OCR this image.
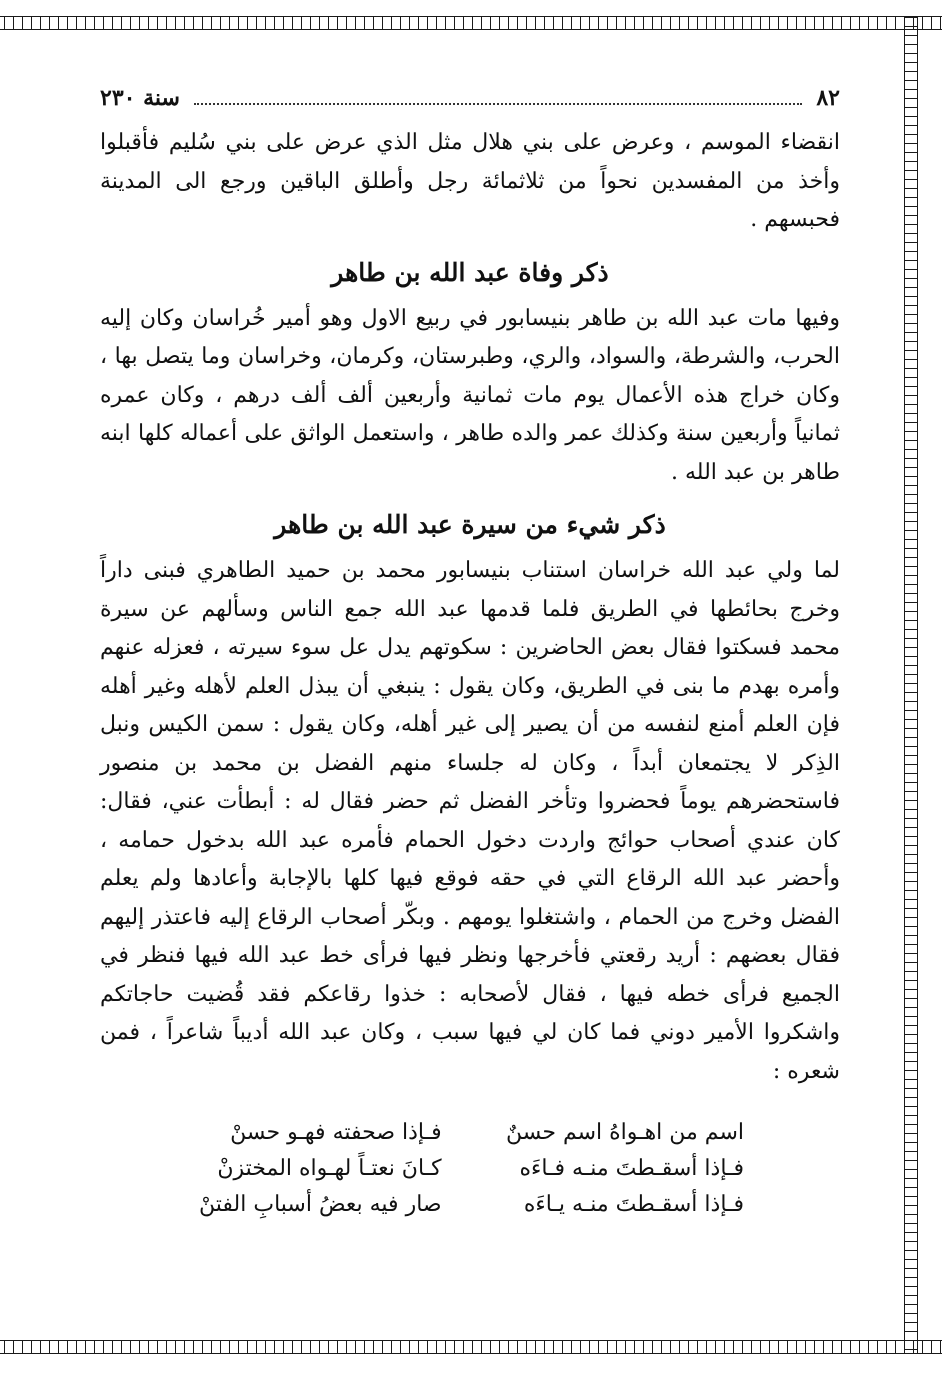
٨٢
سنة ٢٣٠

انقضاء الموسم ، وعرض على بني هلال مثل الذي عرض على بني سُليم فأقبلوا وأخذ من المفسدين نحواً من ثلاثمائة رجل وأطلق الباقين ورجع الى المدينة فحبسهم .

ذكر وفاة عبد الله بن طاهر

وفيها مات عبد الله بن طاهر بنيسابور في ربيع الاول وهو أمير خُراسان وكان إليه الحرب، والشرطة، والسواد، والري، وطبرستان، وكرمان، وخراسان وما يتصل بها ، وكان خراج هذه الأعمال يوم مات ثمانية وأربعين ألف ألف درهم ، وكان عمره ثمانياً وأربعين سنة وكذلك عمر والده طاهر ، واستعمل الواثق على أعماله كلها ابنه طاهر بن عبد الله .

ذكر شيء من سيرة عبد الله بن طاهر

لما ولي عبد الله خراسان استناب بنيسابور محمد بن حميد الطاهري فبنى داراً وخرج بحائطها في الطريق فلما قدمها عبد الله جمع الناس وسألهم عن سيرة محمد فسكتوا فقال بعض الحاضرين : سكوتهم يدل عل سوء سيرته ، فعزله عنهم وأمره بهدم ما بنى في الطريق، وكان يقول : ينبغي أن يبذل العلم لأهله وغير أهله فإن العلم أمنع لنفسه من أن يصير إلى غير أهله، وكان يقول : سمن الكيس ونبل الذِكر لا يجتمعان أبداً ، وكان له جلساء منهم الفضل بن محمد بن منصور فاستحضرهم يوماً فحضروا وتأخر الفضل ثم حضر فقال له : أبطأت عني، فقال: كان عندي أصحاب حوائج واردت دخول الحمام فأمره عبد الله بدخول حمامه ، وأحضر عبد الله الرقاع التي في حقه فوقع فيها كلها بالإجابة وأعادها ولم يعلم الفضل وخرج من الحمام ، واشتغلوا يومهم . وبكّر أصحاب الرقاع إليه فاعتذر إليهم فقال بعضهم : أريد رقعتي فأخرجها ونظر فيها فرأى خط عبد الله فيها فنظر في الجميع فرأى خطه فيها ، فقال لأصحابه : خذوا رقاعكم فقد قُضيت حاجاتكم واشكروا الأمير دوني فما كان لي فيها سبب ، وكان عبد الله أديباً شاعراً ، فمن شعره :

اسم من اهـواهُ اسم حسنٌ
فـإذا صحفته فهـو حسنْ
فـإذا أسقـطتَ منـه فـاءَه
كـانَ نعتـاً لهـواه المختزنْ
فـإذا أسقـطتَ منـه يـاءَه
صار فيه بعضُ أسبابِ الفتنْ
